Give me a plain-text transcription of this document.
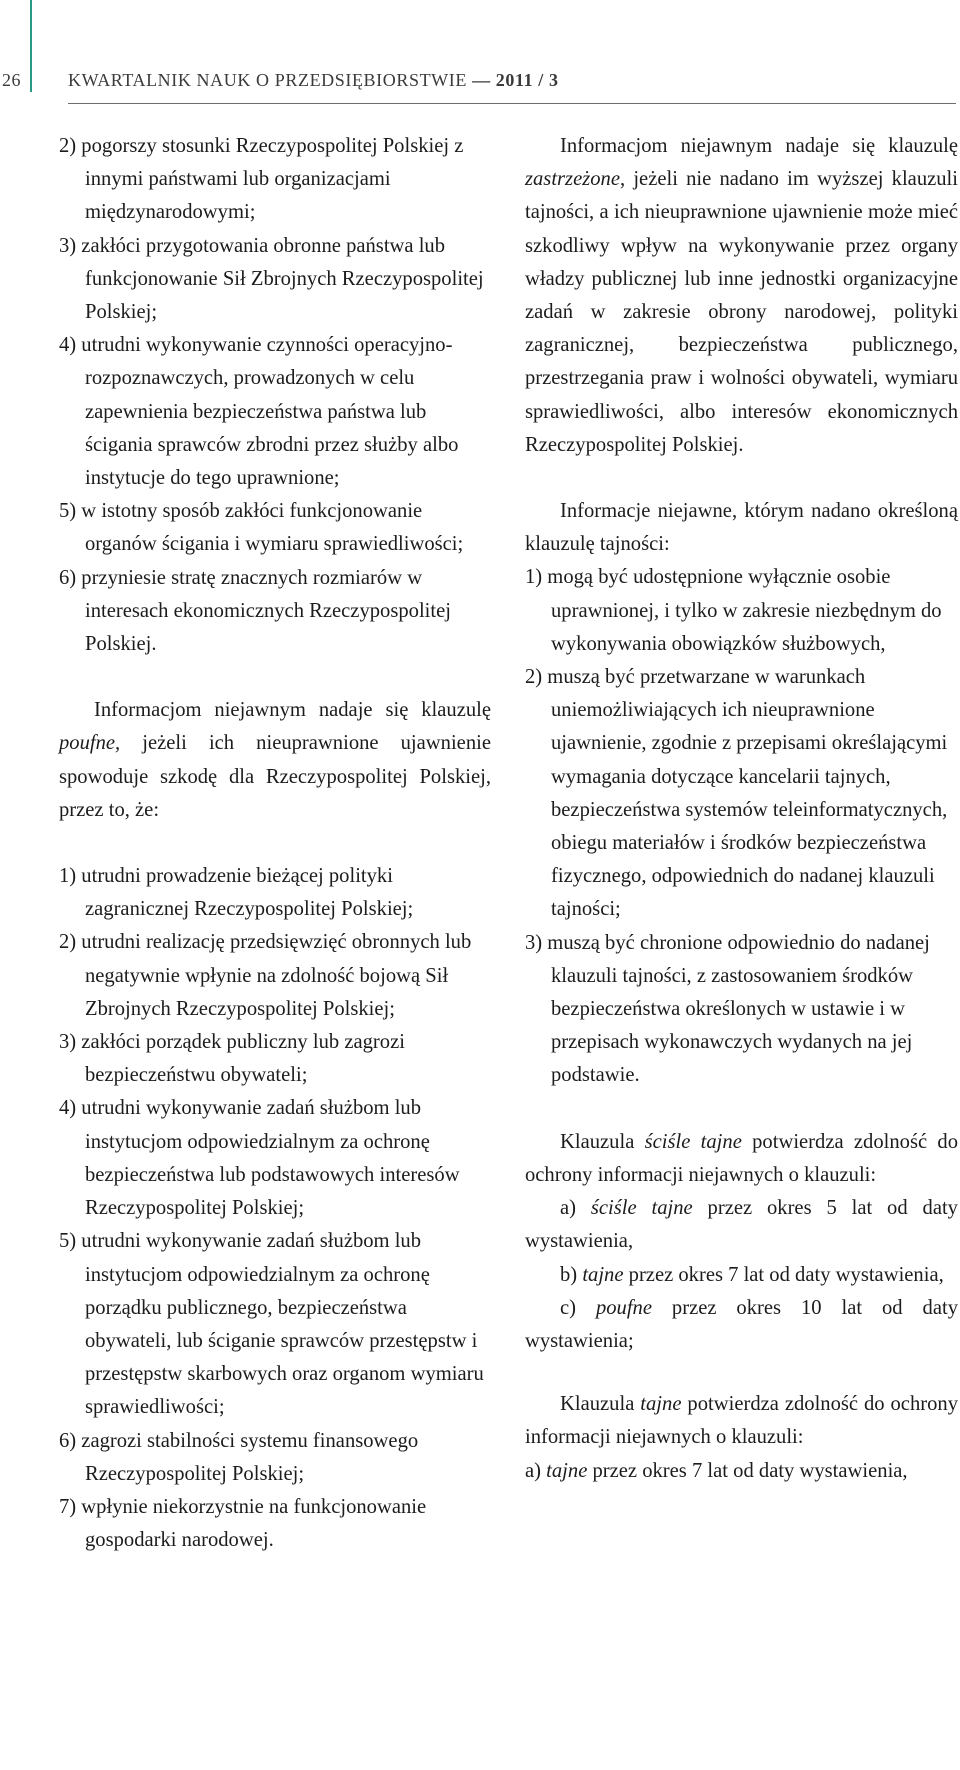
26	KWARTALNIK NAUK O PRZEDSIĘBIORSTWIE — 2011 / 3

2) pogorszy stosunki Rzeczypospolitej Polskiej z innymi państwami lub organizacjami międzynarodowymi;

3) zakłóci przygotowania obronne państwa lub funkcjonowanie Sił Zbrojnych Rzeczypospolitej Polskiej;

4) utrudni wykonywanie czynności operacyjno-rozpoznawczych, prowadzonych w celu zapewnienia bezpieczeństwa państwa lub ścigania sprawców zbrodni przez służby albo instytucje do tego uprawnione;

5) w istotny sposób zakłóci funkcjonowanie organów ścigania i wymiaru sprawiedliwości;

6) przyniesie stratę znacznych rozmiarów w interesach ekonomicznych Rzeczypospolitej Polskiej.

Informacjom niejawnym nadaje się klauzulę poufne, jeżeli ich nieuprawnione ujawnienie spowoduje szkodę dla Rzeczypospolitej Polskiej, przez to, że:

1) utrudni prowadzenie bieżącej polityki zagranicznej Rzeczypospolitej Polskiej;

2) utrudni realizację przedsięwzięć obronnych lub negatywnie wpłynie na zdolność bojową Sił Zbrojnych Rzeczypospolitej Polskiej;

3) zakłóci porządek publiczny lub zagrozi bezpieczeństwu obywateli;

4) utrudni wykonywanie zadań służbom lub instytucjom odpowiedzialnym za ochronę bezpieczeństwa lub podstawowych interesów Rzeczypospolitej Polskiej;

5) utrudni wykonywanie zadań służbom lub instytucjom odpowiedzialnym za ochronę porządku publicznego, bezpieczeństwa obywateli, lub ściganie sprawców przestępstw i przestępstw skarbowych oraz organom wymiaru sprawiedliwości;

6) zagrozi stabilności systemu finansowego Rzeczypospolitej Polskiej;

7) wpłynie niekorzystnie na funkcjonowanie gospodarki narodowej.

Informacjom niejawnym nadaje się klauzulę zastrzeżone, jeżeli nie nadano im wyższej klauzuli tajności, a ich nieuprawnione ujawnienie może mieć szkodliwy wpływ na wykonywanie przez organy władzy publicznej lub inne jednostki organizacyjne zadań w zakresie obrony narodowej, polityki zagranicznej, bezpieczeństwa publicznego, przestrzegania praw i wolności obywateli, wymiaru sprawiedliwości, albo interesów ekonomicznych Rzeczypospolitej Polskiej.

Informacje niejawne, którym nadano określoną klauzulę tajności:

1) mogą być udostępnione wyłącznie osobie uprawnionej, i tylko w zakresie niezbędnym do wykonywania obowiązków służbowych,

2) muszą być przetwarzane w warunkach uniemożliwiających ich nieuprawnione ujawnienie, zgodnie z przepisami określającymi wymagania dotyczące kancelarii tajnych, bezpieczeństwa systemów teleinformatycznych, obiegu materiałów i środków bezpieczeństwa fizycznego, odpowiednich do nadanej klauzuli tajności;

3) muszą być chronione odpowiednio do nadanej klauzuli tajności, z zastosowaniem środków bezpieczeństwa określonych w ustawie i w przepisach wykonawczych wydanych na jej podstawie.

Klauzula ściśle tajne potwierdza zdolność do ochrony informacji niejawnych o klauzuli:

a) ściśle tajne przez okres 5 lat od daty wystawienia,

b) tajne przez okres 7 lat od daty wystawienia,

c) poufne przez okres 10 lat od daty wystawienia;

Klauzula tajne potwierdza zdolność do ochrony informacji niejawnych o klauzuli:

a) tajne przez okres 7 lat od daty wystawienia,
